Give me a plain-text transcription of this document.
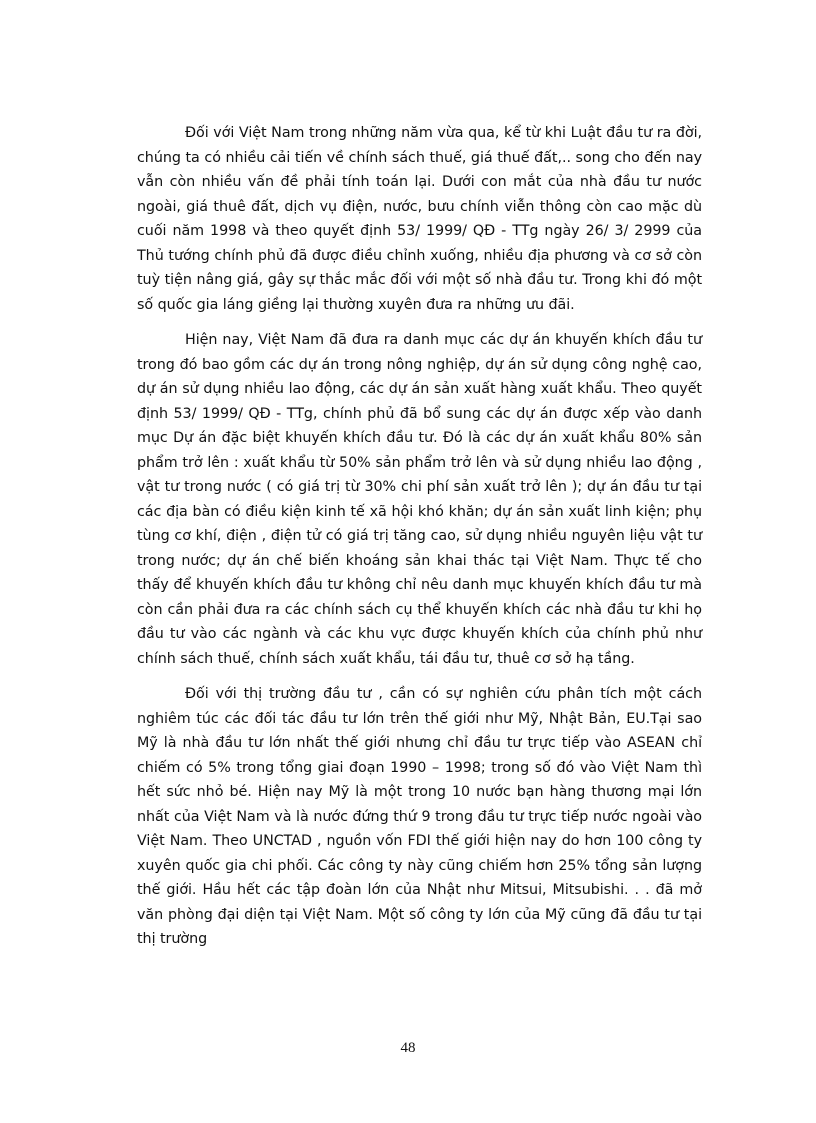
Đối với Việt Nam trong những năm vừa qua, kể từ khi Luật đầu tư ra đời, chúng ta có nhiều cải tiến về chính sách thuế, giá thuế đất,.. song cho đến nay vẫn còn nhiều vấn đề phải tính toán lại. Dưới con mắt của nhà đầu tư nước ngoài, giá thuê đất, dịch vụ điện, nước, bưu chính viễn thông còn cao mặc dù cuối năm 1998 và theo quyết định 53/ 1999/ QĐ - TTg ngày 26/ 3/ 2999 của Thủ tướng chính phủ đã được điều chỉnh xuống, nhiều địa phương và cơ sở còn tuỳ tiện nâng giá, gây sự thắc mắc đối với một số nhà đầu tư. Trong khi đó một số quốc gia láng giềng lại thường xuyên đưa ra những ưu đãi.

Hiện nay, Việt Nam đã đưa ra danh mục các dự án khuyến khích đầu tư trong đó bao gồm các dự án trong nông nghiệp, dự án sử dụng công nghệ cao, dự án sử dụng nhiều lao động, các dự án sản xuất hàng xuất khẩu. Theo quyết định 53/ 1999/ QĐ - TTg, chính phủ đã bổ sung các dự án được xếp vào danh mục Dự án đặc biệt khuyến khích đầu tư. Đó là các dự án xuất khẩu 80% sản phẩm trở lên : xuất khẩu từ 50% sản phẩm trở lên và sử dụng nhiều lao động , vật tư trong nước ( có giá trị từ 30% chi phí sản xuất trở lên ); dự án đầu tư tại các địa bàn có điều kiện kinh tế xã hội khó khăn; dự án sản xuất linh kiện; phụ tùng cơ khí, điện , điện tử có giá trị tăng cao, sử dụng nhiều nguyên liệu vật tư trong nước; dự án chế biến khoáng sản khai thác tại Việt Nam. Thực tế cho thấy để khuyến khích đầu tư không chỉ nêu danh mục khuyến khích đầu tư mà còn cần phải đưa ra các chính sách cụ thể khuyến khích các nhà đầu tư khi họ đầu tư vào các ngành và các khu vực được khuyến khích của chính phủ như chính sách thuế, chính sách xuất khẩu, tái đầu tư, thuê cơ sở hạ tầng.

Đối với thị trường đầu tư , cần có sự nghiên cứu phân tích một cách nghiêm túc các đối tác đầu tư lớn trên thế giới như Mỹ, Nhật Bản, EU.Tại sao Mỹ là nhà đầu tư lớn nhất thế giới nhưng chỉ đầu tư trực tiếp vào ASEAN chỉ chiếm có 5% trong tổng giai đoạn 1990 – 1998; trong số đó vào Việt Nam thì hết sức nhỏ bé. Hiện nay Mỹ là một trong 10 nước bạn hàng thương mại lớn nhất của Việt Nam và là nước đứng thứ 9 trong đầu tư trực tiếp nước ngoài vào Việt Nam. Theo UNCTAD , nguồn vốn FDI thế giới hiện nay do hơn 100 công ty xuyên quốc gia chi phối. Các công ty này cũng chiếm hơn 25% tổng sản lượng thế giới. Hầu hết các tập đoàn lớn của Nhật như Mitsui, Mitsubishi. . . đã mở văn phòng đại diện tại Việt Nam. Một số công ty lớn của Mỹ cũng đã đầu tư tại thị trường

48
